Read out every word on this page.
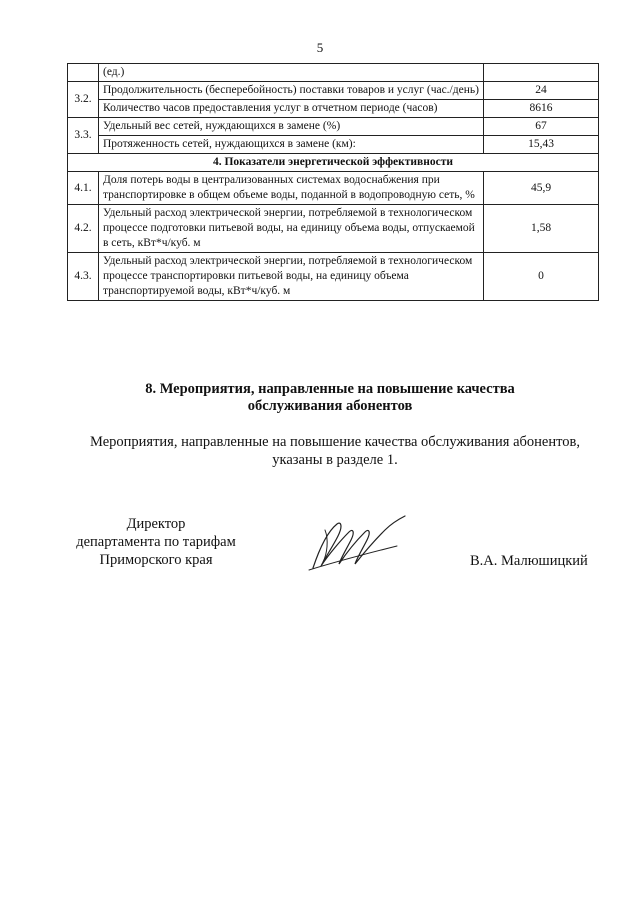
5
	(ед.)	
3.2.	Продолжительность (бесперебойность) поставки товаров и услуг (час./день)	24
	Количество часов предоставления услуг в отчетном периоде (часов)	8616
3.3.	Удельный вес сетей, нуждающихся в замене (%)	67
	Протяженность сетей, нуждающихся в замене (км):	15,43
4. Показатели энергетической эффективности		
4.1.	Доля потерь воды в централизованных системах водоснабжения при транспортировке в общем объеме воды, поданной в водопроводную сеть, %	45,9
4.2.	Удельный расход электрической энергии, потребляемой в технологическом процессе подготовки питьевой воды, на единицу объема воды, отпускаемой в сеть, кВт*ч/куб. м	1,58
4.3.	Удельный расход электрической энергии, потребляемой в технологическом процессе транспортировки питьевой воды, на единицу объема транспортируемой воды, кВт*ч/куб. м	0
8. Мероприятия, направленные на повышение качества
обслуживания абонентов
Мероприятия, направленные на повышение качества обслуживания абонентов,
указаны в разделе 1.
Директор
департамента по тарифам
Приморского края	В.А. Малюшицкий
